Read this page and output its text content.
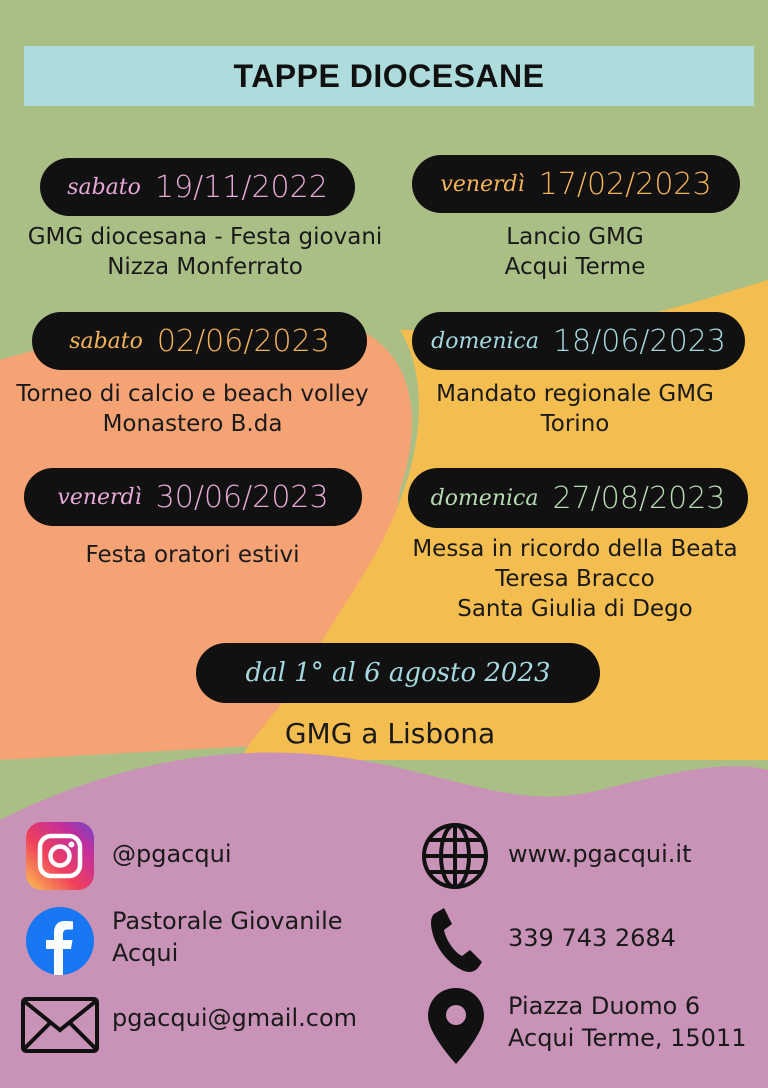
TAPPE DIOCESANE
sabato 19/11/2022
GMG diocesana - Festa giovani
Nizza Monferrato
venerdì 17/02/2023
Lancio GMG
Acqui Terme
sabato 02/06/2023
Torneo di calcio e beach volley
Monastero B.da
domenica 18/06/2023
Mandato regionale GMG
Torino
venerdì 30/06/2023
Festa oratori estivi
domenica 27/08/2023
Messa in ricordo della Beata
Teresa Bracco
Santa Giulia di Dego
dal 1° al 6 agosto 2023
GMG a Lisbona
@pgacqui
Pastorale Giovanile
Acqui
pgacqui@gmail.com
www.pgacqui.it
339 743 2684
Piazza Duomo 6
Acqui Terme, 15011
